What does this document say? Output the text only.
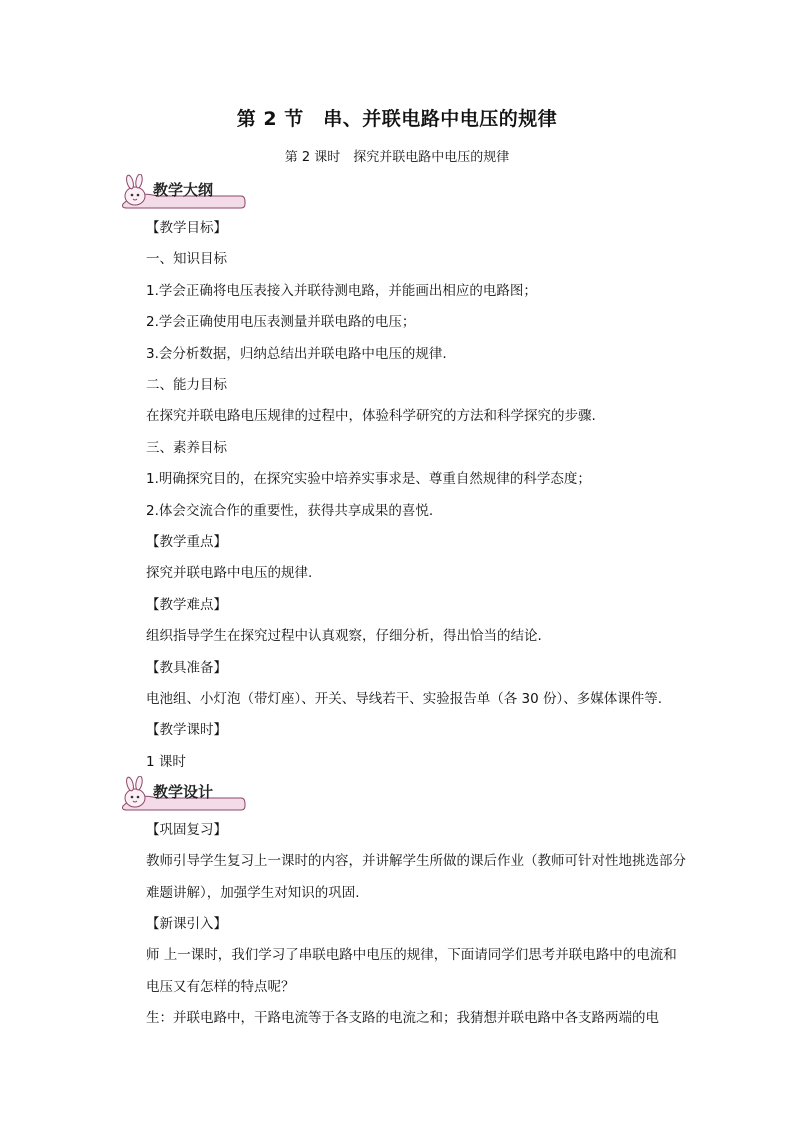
第 2 节　串、并联电路中电压的规律
第 2 课时　探究并联电路中电压的规律
教学大纲
【教学目标】
一、知识目标
1.学会正确将电压表接入并联待测电路，并能画出相应的电路图；
2.学会正确使用电压表测量并联电路的电压；
3.会分析数据，归纳总结出并联电路中电压的规律.
二、能力目标
在探究并联电路电压规律的过程中，体验科学研究的方法和科学探究的步骤.
三、素养目标
1.明确探究目的，在探究实验中培养实事求是、尊重自然规律的科学态度；
2.体会交流合作的重要性，获得共享成果的喜悦.
【教学重点】
探究并联电路中电压的规律.
【教学难点】
组织指导学生在探究过程中认真观察，仔细分析，得出恰当的结论.
【教具准备】
电池组、小灯泡（带灯座）、开关、导线若干、实验报告单（各 30 份）、多媒体课件等.
【教学课时】
1 课时
教学设计
【巩固复习】
教师引导学生复习上一课时的内容，并讲解学生所做的课后作业（教师可针对性地挑选部分难题讲解），加强学生对知识的巩固.
【新课引入】
师 上一课时，我们学习了串联电路中电压的规律，下面请同学们思考并联电路中的电流和电压又有怎样的特点呢？
生：并联电路中，干路电流等于各支路的电流之和；我猜想并联电路中各支路两端的电
